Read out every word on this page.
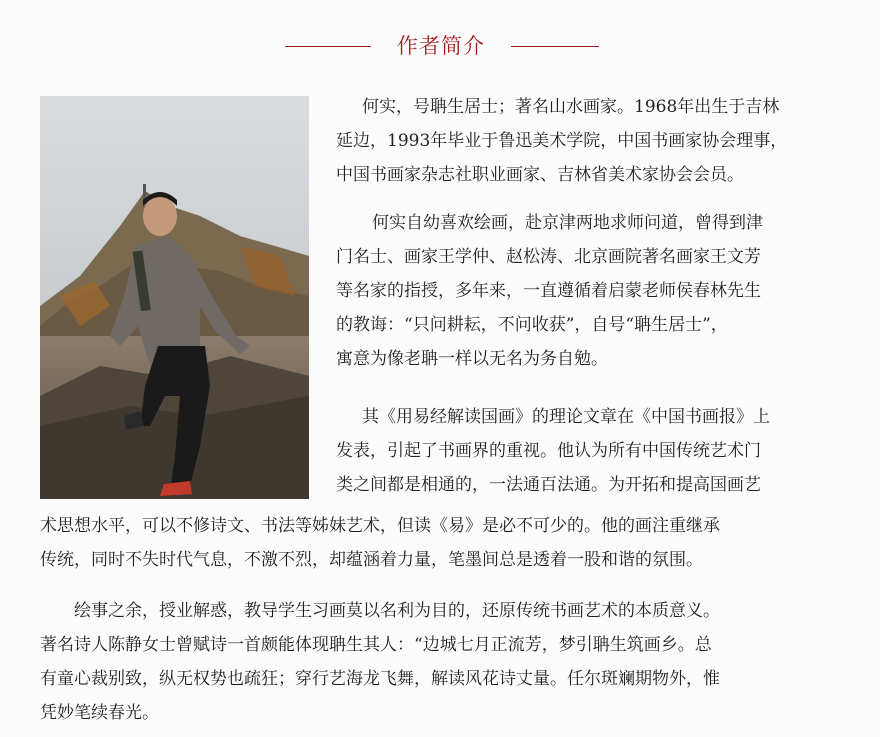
作者简介
何实，号聃生居士；著名山水画家。1968年出生于吉林
延边，1993年毕业于鲁迅美术学院，中国书画家协会理事，
中国书画家杂志社职业画家、吉林省美术家协会会员。
何实自幼喜欢绘画，赴京津两地求师问道，曾得到津
门名士、画家王学仲、赵松涛、北京画院著名画家王文芳
等名家的指授，多年来，一直遵循着启蒙老师侯春林先生
的教诲：“只问耕耘，不问收获”，自号“聃生居士”，
寓意为像老聃一样以无名为务自勉。
其《用易经解读国画》的理论文章在《中国书画报》上
发表，引起了书画界的重视。他认为所有中国传统艺术门
类之间都是相通的，一法通百法通。为开拓和提高国画艺
术思想水平，可以不修诗文、书法等姊妹艺术，但读《易》是必不可少的。他的画注重继承
传统，同时不失时代气息，不激不烈，却蕴涵着力量，笔墨间总是透着一股和谐的氛围。
绘事之余，授业解惑，教导学生习画莫以名利为目的，还原传统书画艺术的本质意义。
著名诗人陈静女士曾赋诗一首颇能体现聃生其人：“边城七月正流芳，梦引聃生筑画乡。总
有童心裁别致，纵无权势也疏狂；穿行艺海龙飞舞，解读风花诗丈量。任尔斑斓期物外，惟
凭妙笔续春光。
